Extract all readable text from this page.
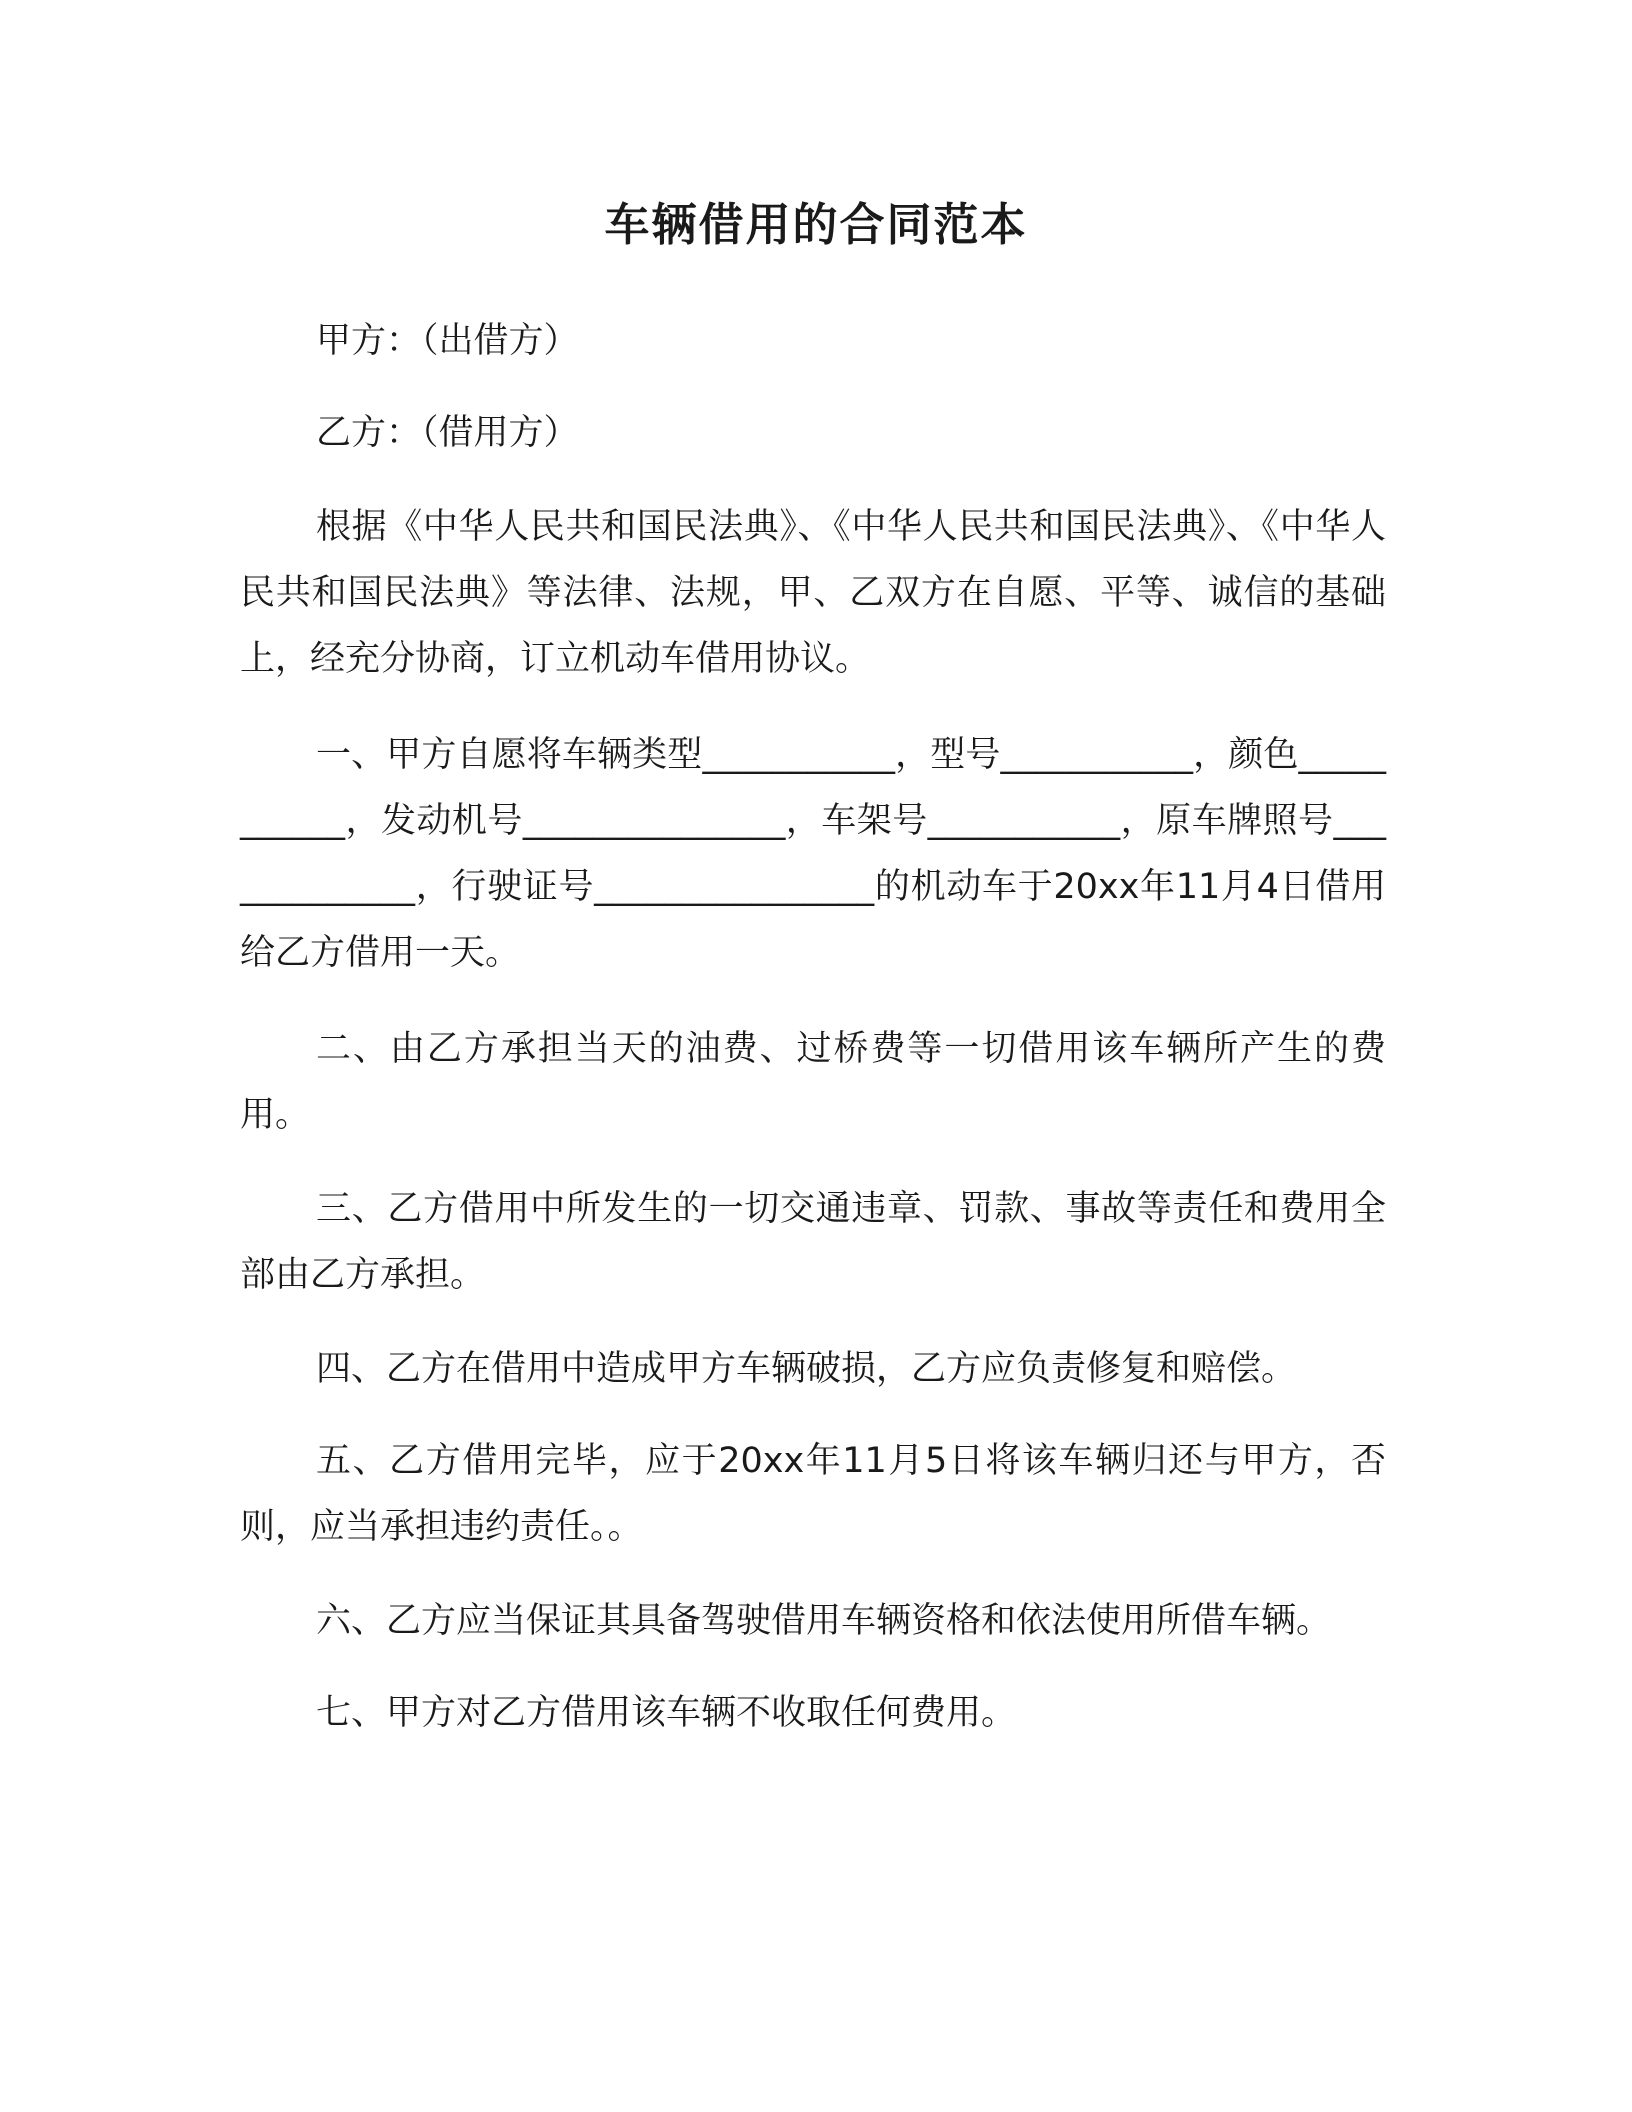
车辆借用的合同范本
甲方：（出借方）
乙方：（借用方）

根据《中华人民共和国民法典》、《中华人民共和国民法典》、《中华人民共和国民法典》等法律、法规，甲、乙双方在自愿、平等、诚信的基础上，经充分协商，订立机动车借用协议。

一、甲方自愿将车辆类型___________，型号___________，颜色___________，发动机号_______________，车架号___________，原车牌照号_____________，行驶证号________________的机动车于20xx年11月4日借用给乙方借用一天。

二、由乙方承担当天的油费、过桥费等一切借用该车辆所产生的费用。

三、乙方借用中所发生的一切交通违章、罚款、事故等责任和费用全部由乙方承担。

四、乙方在借用中造成甲方车辆破损，乙方应负责修复和赔偿。

五、乙方借用完毕，应于20xx年11月5日将该车辆归还与甲方，否则，应当承担违约责任。。

六、乙方应当保证其具备驾驶借用车辆资格和依法使用所借车辆。

七、甲方对乙方借用该车辆不收取任何费用。
